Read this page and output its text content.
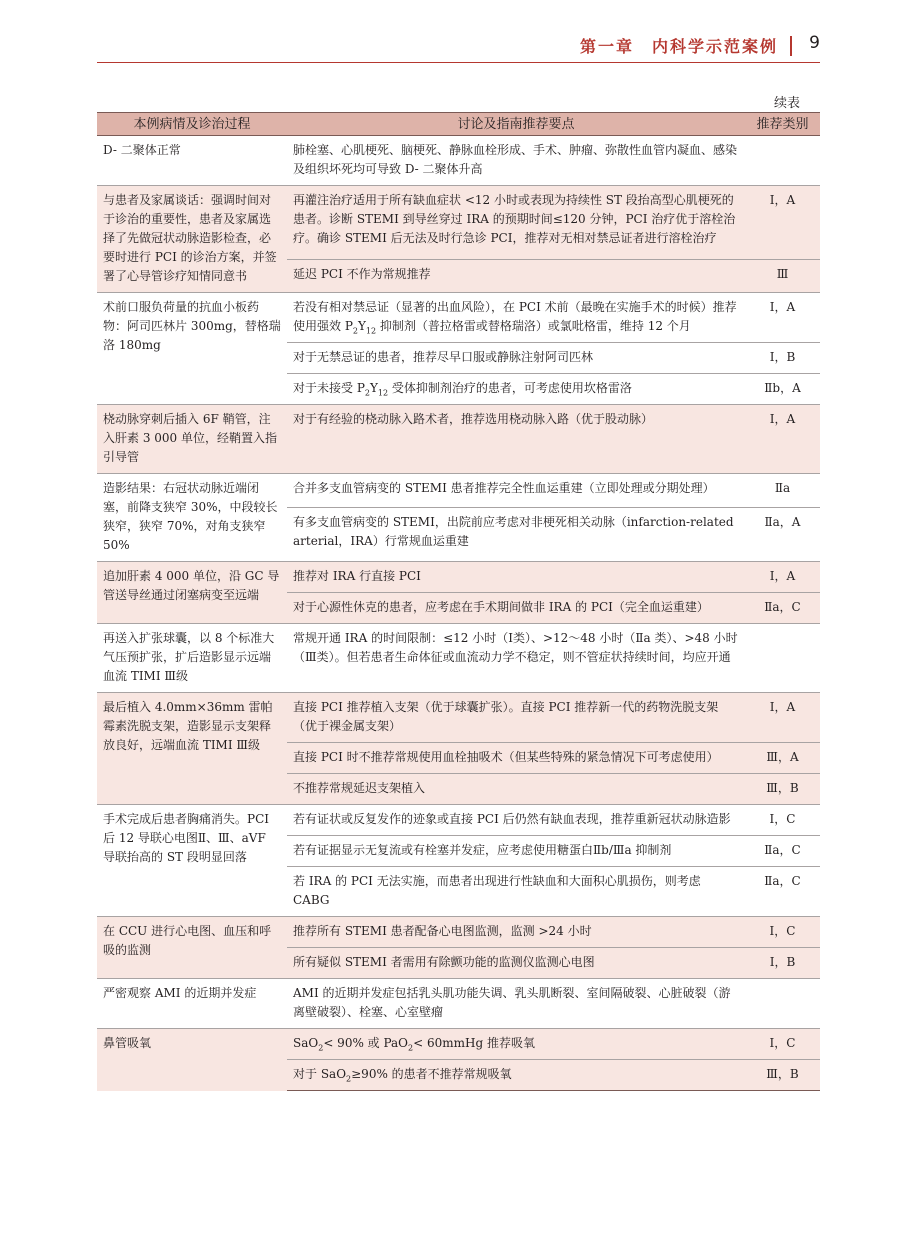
第一章　内科学示范案例 9
续表
本例病情及诊治过程	讨论及指南推荐要点	推荐类别
D- 二聚体正常	肺栓塞、心肌梗死、脑梗死、静脉血栓形成、手术、肿瘤、弥散性血管内凝血、感染及组织坏死均可导致 D- 二聚体升高	
与患者及家属谈话：强调时间对于诊治的重要性，患者及家属选择了先做冠状动脉造影检查，必要时进行 PCI 的诊治方案，并签署了心导管诊疗知情同意书	再灌注治疗适用于所有缺血症状 <12 小时或表现为持续性 ST 段抬高型心肌梗死的患者。诊断 STEMI 到导丝穿过 IRA 的预期时间≤120 分钟，PCI 治疗优于溶栓治疗。确诊 STEMI 后无法及时行急诊 PCI，推荐对无相对禁忌证者进行溶栓治疗	Ⅰ，A
	延迟 PCI 不作为常规推荐	Ⅲ
术前口服负荷量的抗血小板药物：阿司匹林片 300mg，替格瑞洛 180mg	若没有相对禁忌证（显著的出血风险），在 PCI 术前（最晚在实施手术的时候）推荐使用强效 $P_2Y_{12}$ 抑制剂（普拉格雷或替格瑞洛）或氯吡格雷，维持 12 个月	Ⅰ，A
	对于无禁忌证的患者，推荐尽早口服或静脉注射阿司匹林	Ⅰ，B
	对于未接受 $P_2Y_{12}$ 受体抑制剂治疗的患者，可考虑使用坎格雷洛	Ⅱb，A
桡动脉穿刺后插入 6F 鞘管，注入肝素 3 000 单位，经鞘置入指引导管	对于有经验的桡动脉入路术者，推荐选用桡动脉入路（优于股动脉）	Ⅰ，A
造影结果：右冠状动脉近端闭塞，前降支狭窄 30%，中段较长狭窄，狭窄 70%，对角支狭窄 50%	合并多支血管病变的 STEMI 患者推荐完全性血运重建（立即处理或分期处理）	Ⅱa
	有多支血管病变的 STEMI，出院前应考虑对非梗死相关动脉（infarction-related arterial，IRA）行常规血运重建	Ⅱa，A
追加肝素 4 000 单位，沿 GC 导管送导丝通过闭塞病变至远端	推荐对 IRA 行直接 PCI	Ⅰ，A
	对于心源性休克的患者，应考虑在手术期间做非 IRA 的 PCI（完全血运重建）	Ⅱa，C
再送入扩张球囊，以 8 个标准大气压预扩张，扩后造影显示远端血流 TIMI Ⅲ级	常规开通 IRA 的时间限制：≤12 小时（Ⅰ类）、>12～48 小时（Ⅱa 类）、>48 小时（Ⅲ类）。但若患者生命体征或血流动力学不稳定，则不管症状持续时间，均应开通	
最后植入 4.0mm×36mm 雷帕霉素洗脱支架，造影显示支架释放良好，远端血流 TIMI Ⅲ级	直接 PCI 推荐植入支架（优于球囊扩张）。直接 PCI 推荐新一代的药物洗脱支架（优于裸金属支架）	Ⅰ，A
	直接 PCI 时不推荐常规使用血栓抽吸术（但某些特殊的紧急情况下可考虑使用）	Ⅲ，A
	不推荐常规延迟支架植入	Ⅲ，B
手术完成后患者胸痛消失。PCI 后 12 导联心电图Ⅱ、Ⅲ、aVF 导联抬高的 ST 段明显回落	若有证状或反复发作的迹象或直接 PCI 后仍然有缺血表现，推荐重新冠状动脉造影	Ⅰ，C
	若有证据显示无复流或有栓塞并发症，应考虑使用糖蛋白Ⅱb/Ⅲa 抑制剂	Ⅱa，C
	若 IRA 的 PCI 无法实施，而患者出现进行性缺血和大面积心肌损伤，则考虑 CABG	Ⅱa，C
在 CCU 进行心电图、血压和呼吸的监测	推荐所有 STEMI 患者配备心电图监测，监测 >24 小时	Ⅰ，C
	所有疑似 STEMI 者需用有除颤功能的监测仪监测心电图	Ⅰ，B
严密观察 AMI 的近期并发症	AMI 的近期并发症包括乳头肌功能失调、乳头肌断裂、室间隔破裂、心脏破裂（游离壁破裂）、栓塞、心室壁瘤	
鼻管吸氧	SaO$_2$< 90% 或 PaO$_2$< 60mmHg 推荐吸氧	Ⅰ，C
	对于 SaO$_2$≥90% 的患者不推荐常规吸氧	Ⅲ，B
